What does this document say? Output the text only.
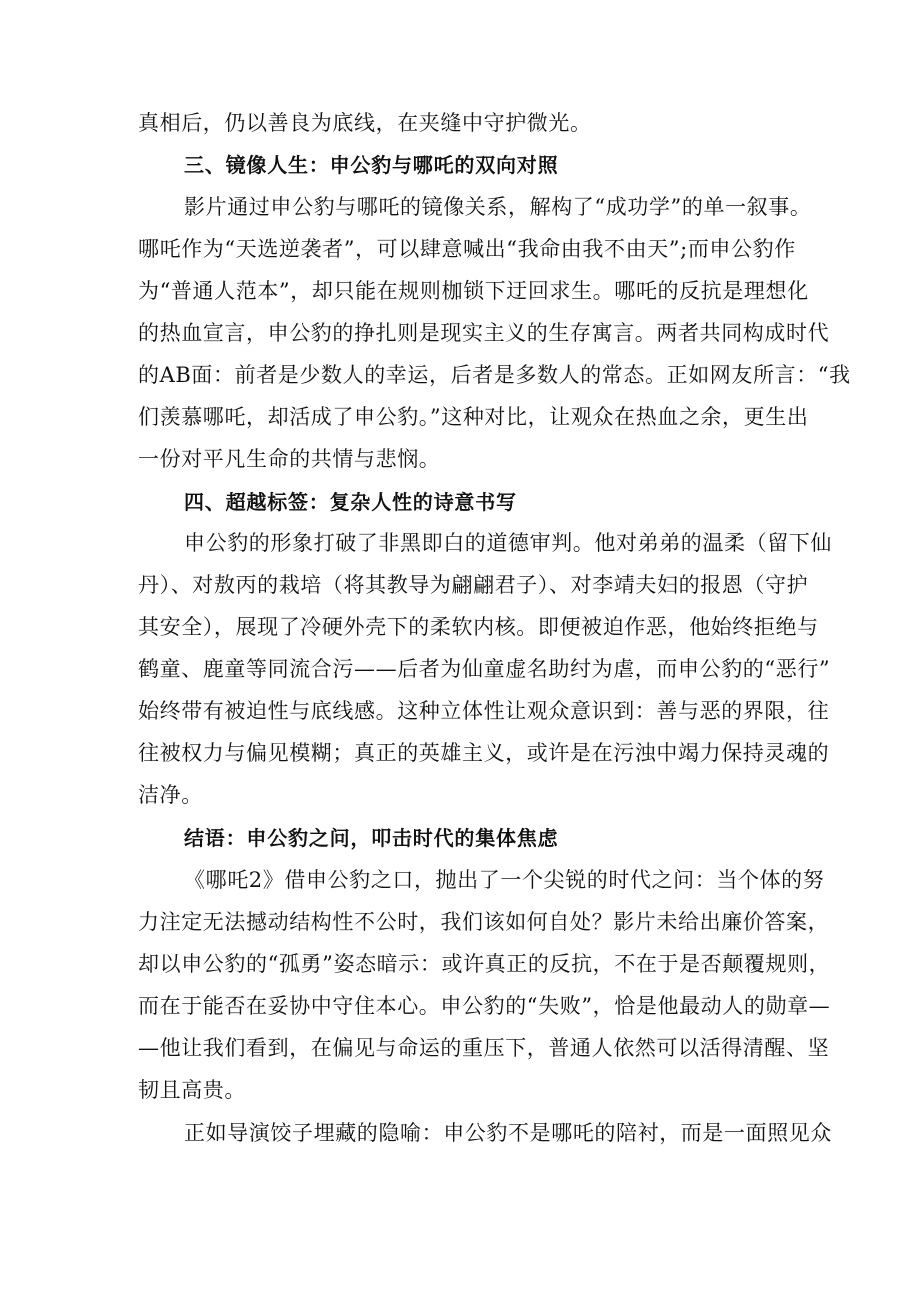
真相后，仍以善良为底线，在夹缝中守护微光。
三、镜像人生：申公豹与哪吒的双向对照
影片通过申公豹与哪吒的镜像关系，解构了“成功学”的单一叙事。
哪吒作为“天选逆袭者”，可以肆意喊出“我命由我不由天”;而申公豹作
为“普通人范本”，却只能在规则枷锁下迂回求生。哪吒的反抗是理想化
的热血宣言，申公豹的挣扎则是现实主义的生存寓言。两者共同构成时代
的AB面：前者是少数人的幸运，后者是多数人的常态。正如网友所言：“我
们羡慕哪吒，却活成了申公豹。”这种对比，让观众在热血之余，更生出
一份对平凡生命的共情与悲悯。
四、超越标签：复杂人性的诗意书写
申公豹的形象打破了非黑即白的道德审判。他对弟弟的温柔（留下仙
丹）、对敖丙的栽培（将其教导为翩翩君子）、对李靖夫妇的报恩（守护
其安全），展现了冷硬外壳下的柔软内核。即便被迫作恶，他始终拒绝与
鹤童、鹿童等同流合污——后者为仙童虚名助纣为虐，而申公豹的“恶行”
始终带有被迫性与底线感。这种立体性让观众意识到：善与恶的界限，往
往被权力与偏见模糊；真正的英雄主义，或许是在污浊中竭力保持灵魂的
洁净。
结语：申公豹之问，叩击时代的集体焦虑
《哪吒2》借申公豹之口，抛出了一个尖锐的时代之问：当个体的努
力注定无法撼动结构性不公时，我们该如何自处？影片未给出廉价答案，
却以申公豹的“孤勇”姿态暗示：或许真正的反抗，不在于是否颠覆规则，
而在于能否在妥协中守住本心。申公豹的“失败”，恰是他最动人的勋章—
—他让我们看到，在偏见与命运的重压下，普通人依然可以活得清醒、坚
韧且高贵。
正如导演饺子埋藏的隐喻：申公豹不是哪吒的陪衬，而是一面照见众
